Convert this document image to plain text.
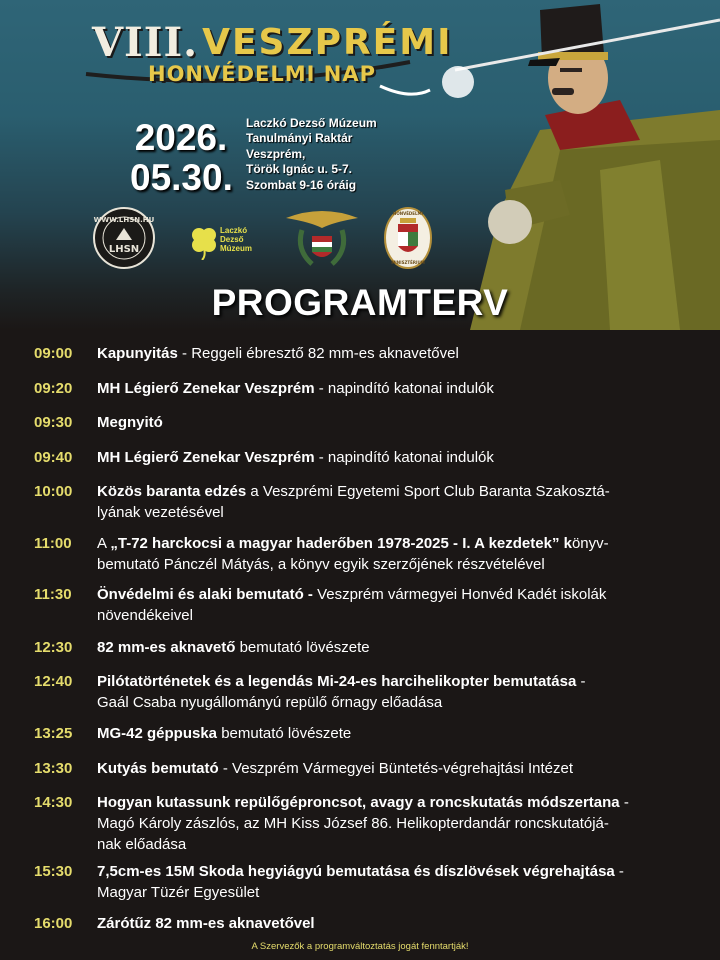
VIII. VESZPRÉMI
HONVÉDELMI NAP
2026.
05.30.
Laczkó Dezső Múzeum
Tanulmányi Raktár
Veszprém,
Török Ignác u. 5-7.
Szombat 9-16 óráig
WWW.LHSN.HU
LHSN
Laczkó
Dezső
Múzeum
HONVÉDELMI
MINISZTÉRIUM
PROGRAMTERV
09:00	Kapunyitás - Reggeli ébresztő 82 mm-es aknavetővel
09:20	MH Légierő Zenekar Veszprém - napindító katonai indulók
09:30	Megnyitó
09:40	MH Légierő Zenekar Veszprém - napindító katonai indulók
10:00	Közös baranta edzés a Veszprémi Egyetemi Sport Club Baranta Szakosztá-
lyának vezetésével
11:00	A „T-72 harckocsi a magyar haderőben 1978-2025 - I. A kezdetek” könyv-
bemutató Pánczél Mátyás, a könyv egyik szerzőjének részvételével
11:30	Önvédelmi és alaki bemutató - Veszprém vármegyei Honvéd Kadét iskolák
növendékeivel
12:30	82 mm-es aknavető bemutató lövészete
12:40	Pilótatörténetek és a legendás Mi-24-es harcihelikopter bemutatása -
Gaál Csaba nyugállományú repülő őrnagy előadása
13:25	MG-42 géppuska bemutató lövészete
13:30	Kutyás bemutató - Veszprém Vármegyei Büntetés-végrehajtási Intézet
14:30	Hogyan kutassunk repülőgéproncsot, avagy a roncskutatás módszertana -
Magó Károly zászlós, az MH Kiss József 86. Helikopterdandár roncskutatójá-
nak előadása
15:30	7,5cm-es 15M Skoda hegyiágyú bemutatása és díszlövések végrehajtása -
Magyar Tüzér Egyesület
16:00	Zárótűz 82 mm-es aknavetővel
A Szervezők a programváltoztatás jogát fenntartják!
